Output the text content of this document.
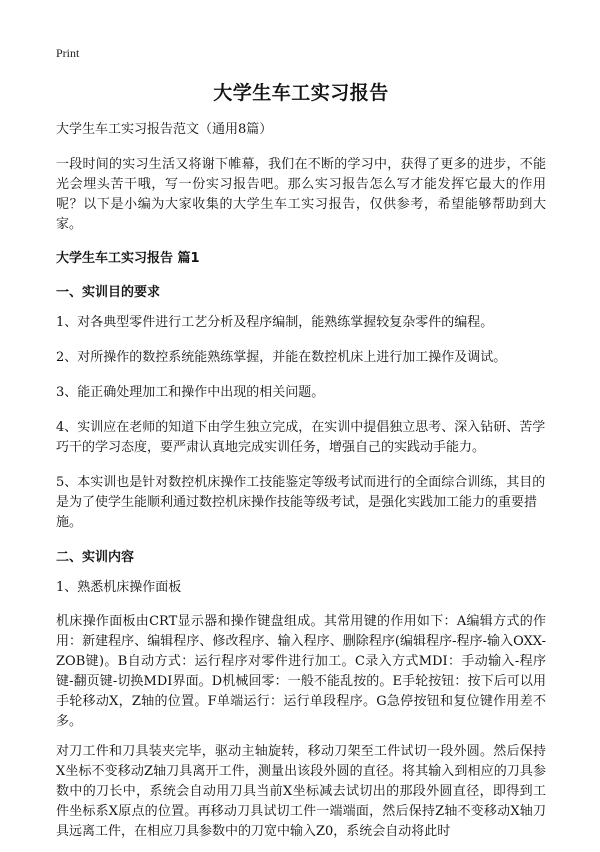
Print
大学生车工实习报告
大学生车工实习报告范文（通用8篇）

一段时间的实习生活又将谢下帷幕，我们在不断的学习中，获得了更多的进步，不能光会埋头苦干哦，写一份实习报告吧。那么实习报告怎么写才能发挥它最大的作用呢？以下是小编为大家收集的大学生车工实习报告，仅供参考，希望能够帮助到大家。

大学生车工实习报告 篇1
一、实训目的要求
1、对各典型零件进行工艺分析及程序编制，能熟练掌握较复杂零件的编程。
2、对所操作的数控系统能熟练掌握，并能在数控机床上进行加工操作及调试。
3、能正确处理加工和操作中出现的相关问题。
4、实训应在老师的知道下由学生独立完成，在实训中提倡独立思考、深入钻研、苦学巧干的学习态度，要严肃认真地完成实训任务，增强自己的实践动手能力。
5、本实训也是针对数控机床操作工技能鉴定等级考试而进行的全面综合训练，其目的是为了使学生能顺利通过数控机床操作技能等级考试，是强化实践加工能力的重要措施。
二、实训内容
1、熟悉机床操作面板

机床操作面板由CRT显示器和操作键盘组成。其常用键的作用如下：A编辑方式的作用：新建程序、编辑程序、修改程序、输入程序、删除程序(编辑程序-程序-输入OXX-ZOB键)。B自动方式：运行程序对零件进行加工。C录入方式MDI：手动输入-程序键-翻页键-切换MDI界面。D机械回零：一般不能乱按的。E手轮按钮：按下后可以用手轮移动X，Z轴的位置。F单端运行：运行单段程序。G急停按钮和复位键作用差不多。

对刀工件和刀具装夹完毕，驱动主轴旋转，移动刀架至工件试切一段外圆。然后保持X坐标不变移动Z轴刀具离开工件，测量出该段外圆的直径。将其输入到相应的刀具参数中的刀长中，系统会自动用刀具当前X坐标减去试切出的那段外圆直径，即得到工件坐标系X原点的位置。再移动刀具试切工件一端端面，然后保持Z轴不变移动X轴刀具远离工件，在相应刀具参数中的刀宽中输入Z0，系统会自动将此时
